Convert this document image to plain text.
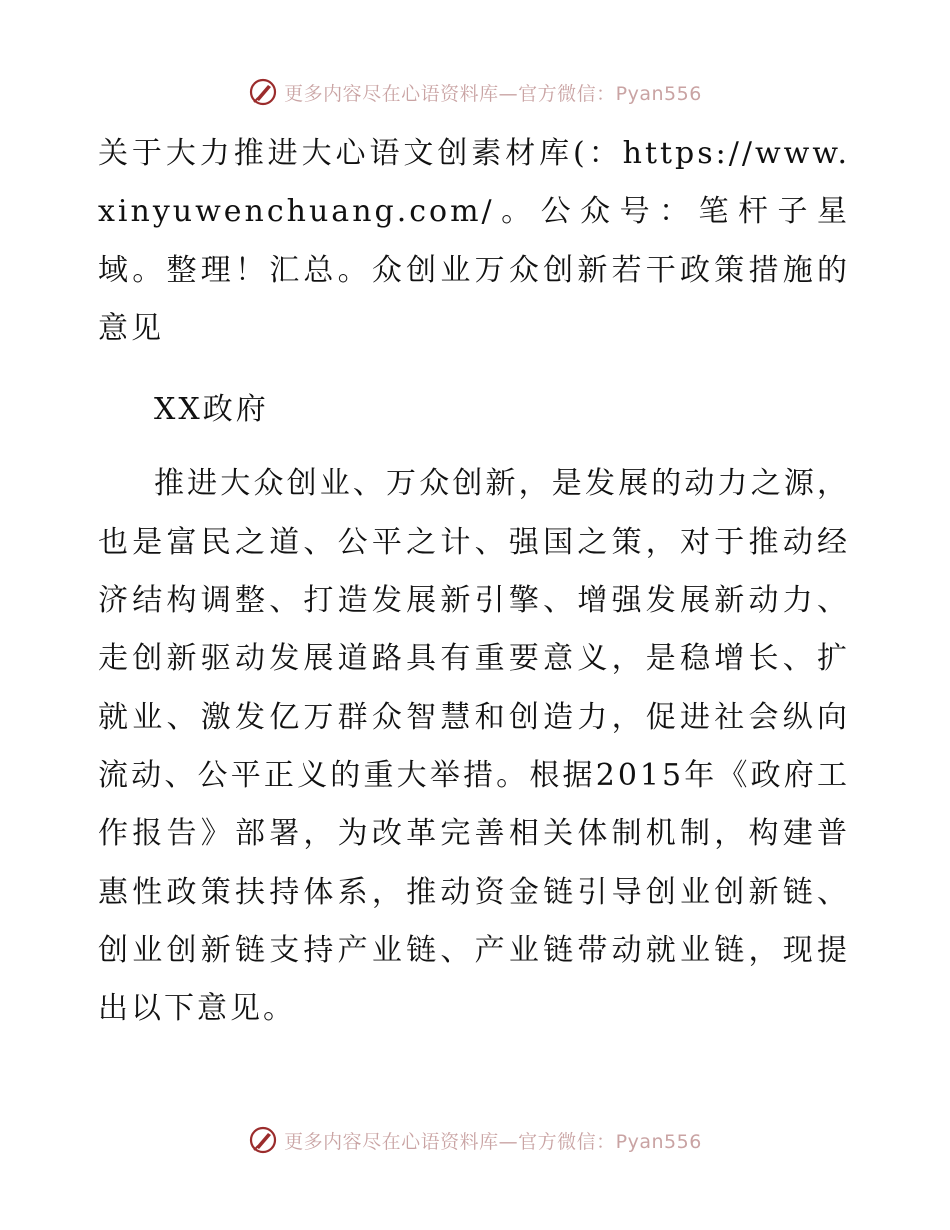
更多内容尽在心语资料库—官方微信：Pyan556

关于大力推进大心语文创素材库(：https://www.xinyuwenchuang.com/。公众号：笔杆子星域。整理！汇总。众创业万众创新若干政策措施的意见

XX政府

推进大众创业、万众创新，是发展的动力之源，也是富民之道、公平之计、强国之策，对于推动经济结构调整、打造发展新引擎、增强发展新动力、走创新驱动发展道路具有重要意义，是稳增长、扩就业、激发亿万群众智慧和创造力，促进社会纵向流动、公平正义的重大举措。根据2015年《政府工作报告》部署，为改革完善相关体制机制，构建普惠性政策扶持体系，推动资金链引导创业创新链、创业创新链支持产业链、产业链带动就业链，现提出以下意见。

更多内容尽在心语资料库—官方微信：Pyan556
